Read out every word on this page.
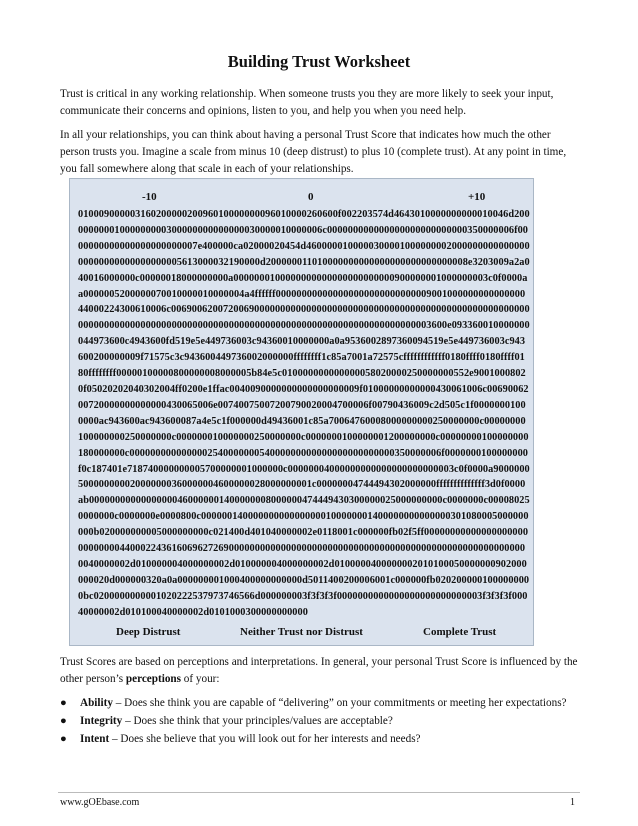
Building Trust Worksheet

Trust is critical in any working relationship. When someone trusts you they are more likely to seek your input, communicate their concerns and opinions, listen to you, and help you when you need help.

In all your relationships, you can think about having a personal Trust Score that indicates how much the other person trusts you. Imagine a scale from minus 10 (deep distrust) to plus 10 (complete trust). At any point in time, you fall somewhere along that scale in each of your relationships.

-10	0	+10

01000900000316020000020096010000000096010000260600f002203574d4643010000000000010046d20000000001000000000300000000000000030000010000006c000000000000000000000000000350000006f0000000000000000000000007e400000ca02000020454d460000010000030000100000000200000000000000000000000000000000005613000032190000d200000011010000000000000000000000000008e3203009a2a040016000000c00000018000000000a0000000100000000000000000000000900000001000000003c0f0000aa0000005200000070010000010000004a4ffffff00000000000000000000000000000900100000000000000044000224300610006c00690062007200690000000000000000000000000000000000000000000000000000000000000000000000000000000000000000000000000000000000000000000000003600e093360010000000044973600c4943600fd519e5e449736003c94360010000000a0a9536002897360094519e5e449736003c943600200000009f71575c3c943600449736002000000ffffffff1c85a7001a72575cffffffffffff0180ffff0180ffff0180ffffffff00000100000800000008000005b84e5c010000000000000058020000250000000552e90010008020f05020202040302004ff0200e1ffac0040090000000000000000009f01000000000000430061006c0069006200720000000000000430065006e00740075007200790020004700006f00790436009c2d505c1f00000001000000ac943600ac943600087a4e5c1f000000d49436001c85a70064760008000000000250000000c00000000100000000250000000c000000010000000250000000c0000000100000001200000000c00000000100000000180000000c000000000000000254000000054000000000000000000000000350000006f0000000100000000f0c187401e718740000000005700000001000000c00000004000000000000000000000003c0f0000a9000000500000000020000000360000004600000028000000001c00000004744494302000000ffffffffffffff3d0f0000ab00000000000000000460000001400000008000000474449430300000025000000000c0000000c000080250000000c0000000e0000800c000000140000000000000000100000001400000000000000301080005000000000b020000000005000000000c021400d401040000002e0118001c000000fb02f5ff00000000000000000000000000004400022436160696272690000000000000000000000000000000000000000000000000000000000040000002d010000004000000002d010000004000000002d0100000400000002010100050000000902000000020d000000320a0a000000001000400000000000d5011400200006001c000000fb0202000001000000000bc0200000000001020222537973746566d000000003f3f3f3f0000000000000000000000000003f3f3f3f00040000002d010100040000002d0101000300000000000

Deep Distrust	Neither Trust nor Distrust	Complete Trust

Trust Scores are based on perceptions and interpretations. In general, your personal Trust Score is influenced by the other person’s perceptions of your:

● Ability – Does she think you are capable of “delivering” on your commitments or meeting her expectations?
● Integrity – Does she think that your principles/values are acceptable?
● Intent – Does she believe that you will look out for her interests and needs?
www.gOEbase.com	1
